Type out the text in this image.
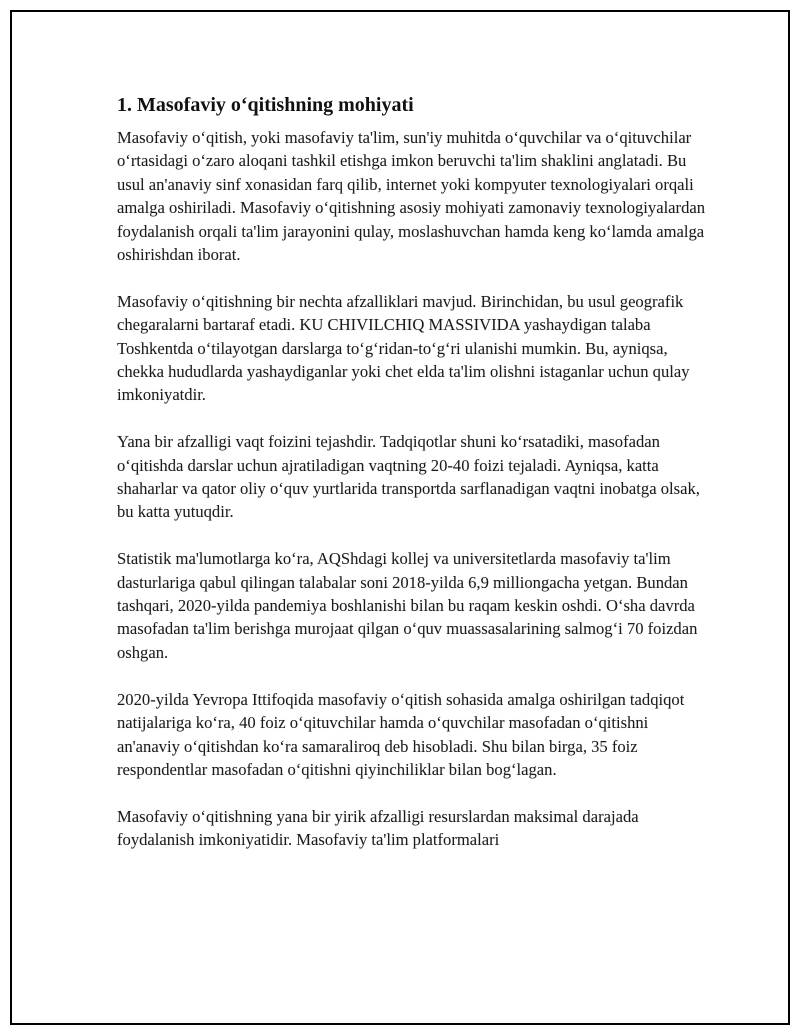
1. Masofaviy o‘qitishning mohiyati

Masofaviy o‘qitish, yoki masofaviy ta'lim, sun'iy muhitda o‘quvchilar va o‘qituvchilar o‘rtasidagi o‘zaro aloqani tashkil etishga imkon beruvchi ta'lim shaklini anglatadi. Bu usul an'anaviy sinf xonasidan farq qilib, internet yoki kompyuter texnologiyalari orqali amalga oshiriladi. Masofaviy o‘qitishning asosiy mohiyati zamonaviy texnologiyalardan foydalanish orqali ta'lim jarayonini qulay, moslashuvchan hamda keng ko‘lamda amalga oshirishdan iborat.

Masofaviy o‘qitishning bir nechta afzalliklari mavjud. Birinchidan, bu usul geografik chegaralarni bartaraf etadi. KU CHIVILCHIQ MASSIVIDA yashaydigan talaba Toshkentda o‘tilayotgan darslarga to‘g‘ridan-to‘g‘ri ulanishi mumkin. Bu, ayniqsa, chekka hududlarda yashaydiganlar yoki chet elda ta'lim olishni istaganlar uchun qulay imkoniyatdir.

Yana bir afzalligi vaqt foizini tejashdir. Tadqiqotlar shuni ko‘rsatadiki, masofadan o‘qitishda darslar uchun ajratiladigan vaqtning 20-40 foizi tejaladi. Ayniqsa, katta shaharlar va qator oliy o‘quv yurtlarida transportda sarflanadigan vaqtni inobatga olsak, bu katta yutuqdir.

Statistik ma'lumotlarga ko‘ra, AQShdagi kollej va universitetlarda masofaviy ta'lim dasturlariga qabul qilingan talabalar soni 2018-yilda 6,9 milliongacha yetgan. Bundan tashqari, 2020-yilda pandemiya boshlanishi bilan bu raqam keskin oshdi. O‘sha davrda masofadan ta'lim berishga murojaat qilgan o‘quv muassasalarining salmog‘i 70 foizdan oshgan.

2020-yilda Yevropa Ittifoqida masofaviy o‘qitish sohasida amalga oshirilgan tadqiqot natijalariga ko‘ra, 40 foiz o‘qituvchilar hamda o‘quvchilar masofadan o‘qitishni an'anaviy o‘qitishdan ko‘ra samaraliroq deb hisobladi. Shu bilan birga, 35 foiz respondentlar masofadan o‘qitishni qiyinchiliklar bilan bog‘lagan.

Masofaviy o‘qitishning yana bir yirik afzalligi resurslardan maksimal darajada foydalanish imkoniyatidir. Masofaviy ta'lim platformalari
